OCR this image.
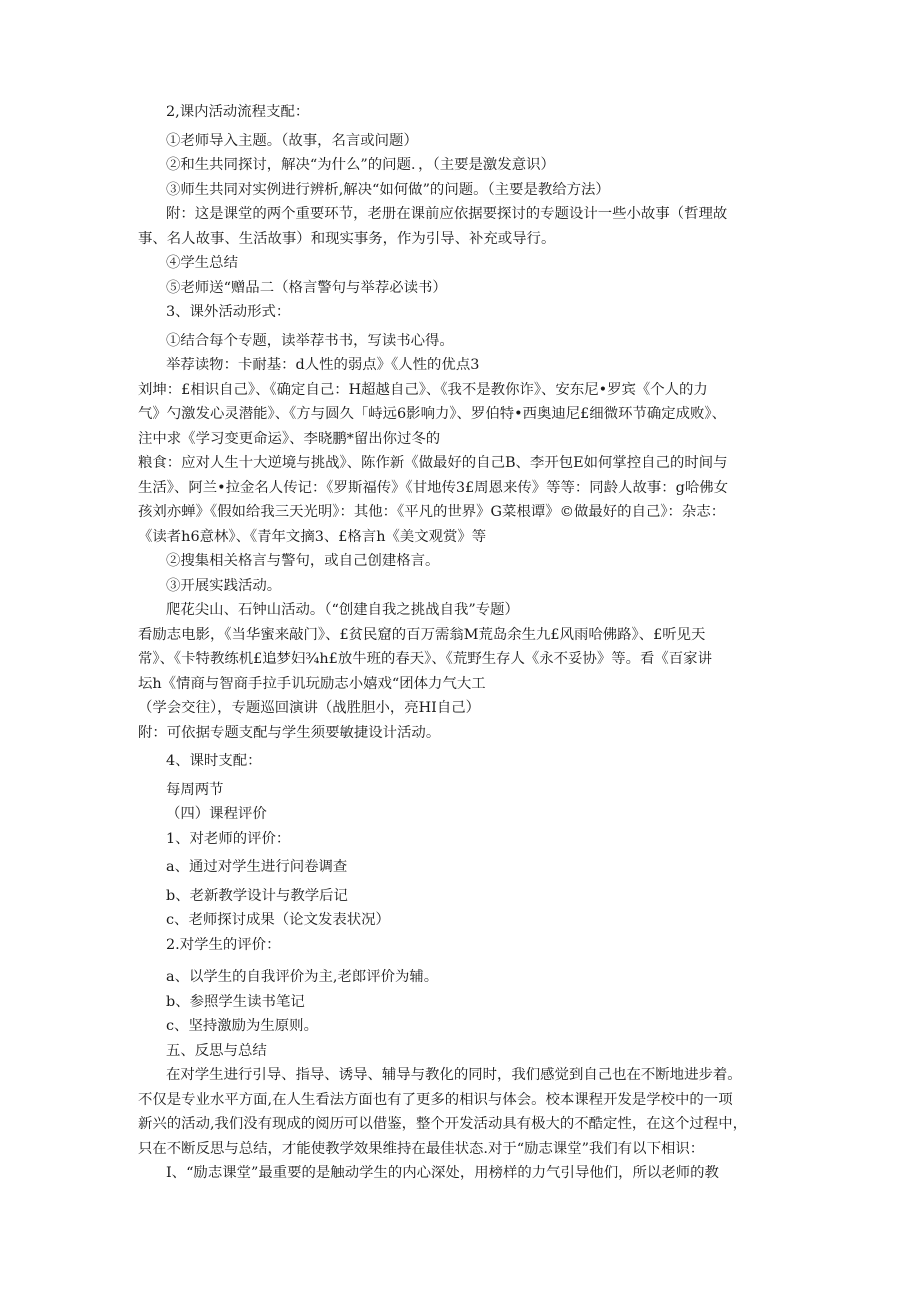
2,课内活动流程支配：
①老师导入主题。（故事，名言或问题）
②和生共同探讨，解决“为什么”的问题．，（主要是激发意识）
③师生共同对实例进行辨析,解决“如何做”的问题。（主要是教给方法）
附：这是课堂的两个重要环节，老册在课前应依据要探讨的专题设计一些小故事（哲理故
事、名人故事、生活故事）和现实事务，作为引导、补充或导行。
④学生总结
⑤老师送“赠品二（格言警句与举荐必读书）
3、课外活动形式：
①结合每个专题，读举荐书书，写读书心得。
举荐读物：卡耐基：d人性的弱点》《人性的优点3
刘坤：£相识自己》、《确定自己：H超越自己》、《我不是教你诈》、安东尼•罗宾《个人的力
气》勺激发心灵潜能》、《方与圆久「峙远6影响力》、罗伯特•西奥迪尼£细微环节确定成败》、
注中求《学习变更命运》、李晓鹏*留出你过冬的
粮食：应对人生十大逆境与挑战》、陈作新《做最好的自己B、李开包E如何掌控自己的时间与
生活》、阿兰•拉金名人传记：《罗斯福传》《甘地传3£周恩来传》等等：同龄人故事：g哈佛女
孩刘亦蝉》《假如给我三天光明》：其他：《平凡的世界》G菜根谭》©做最好的自己》：杂志：
《读者h6意林》、《青年文摘3、£格言h《美文观赏》等
②搜集相关格言与警句，或自己创建格言。
③开展实践活动。
爬花尖山、石钟山活动。（“创建自我之挑战自我”专题）
看励志电影，《当华蜜来敲门》、£贫民窟的百万需翁M荒岛余生九£风雨哈佛路》、£听见天
常》、《卡特教练机£追梦妇¾h£放牛班的春天》、《荒野生存人《永不妥协》等。看《百家讲
坛h《情商与智商手拉手讥玩励志小嬉戏“团体力气大工
（学会交往），专题巡回演讲（战胜胆小，亮HI自己）
附：可依据专题支配与学生须要敏捷设计活动。
4、课时支配：
每周两节
（四）课程评价
1、对老师的评价：
a、通过对学生进行问卷调查
b、老新教学设计与教学后记
c、老师探讨成果（论文发表状况）
2.对学生的评价：
a、以学生的自我评价为主,老郎评价为辅。
b、参照学生读书笔记
c、坚持激励为生原则。
五、反思与总结
在对学生进行引导、指导、诱导、辅导与教化的同时，我们感觉到自己也在不断地进步着。
不仅是专业水平方面,在人生看法方面也有了更多的相识与体会。校本课程开发是学校中的一项
新兴的活动,我们没有现成的阅历可以借鉴，整个开发活动具有极大的不酷定性，在这个过程中，
只在不断反思与总结，才能使教学效果维持在最佳状态.对于“励志课堂”我们有以下相识：
I、“励志课堂”最重要的是触动学生的内心深处，用榜样的力气引导他们，所以老师的教
